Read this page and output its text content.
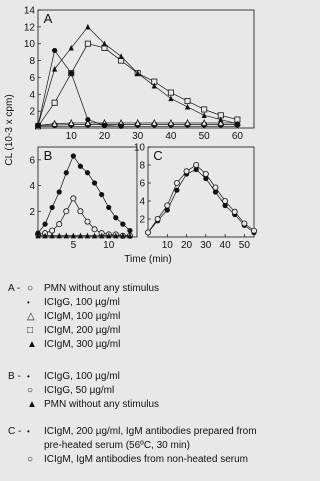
A
2
4
6
8
10
12
14
10 20 30 40 50 60
B
2
4
6
5	10
C
2
4
6
8
10
10 20 30 40 50
CL (10-3 x cpm)
Time (min)
A - ○ PMN without any stimulus
• ICIgG, 100 µg/ml
△ ICIgM, 100 µg/ml
□ ICIgM, 200 µg/ml
▲ ICIgM, 300 µg/ml
B - • ICIgG, 100 µg/ml
○ ICIgG, 50 µg/ml
▲ PMN without any stimulus
C - • ICIgM, 200 µg/ml, IgM antibodies prepared from pre-heated serum (56ºC, 30 min)
○ ICIgM, IgM antibodies from non-heated serum
